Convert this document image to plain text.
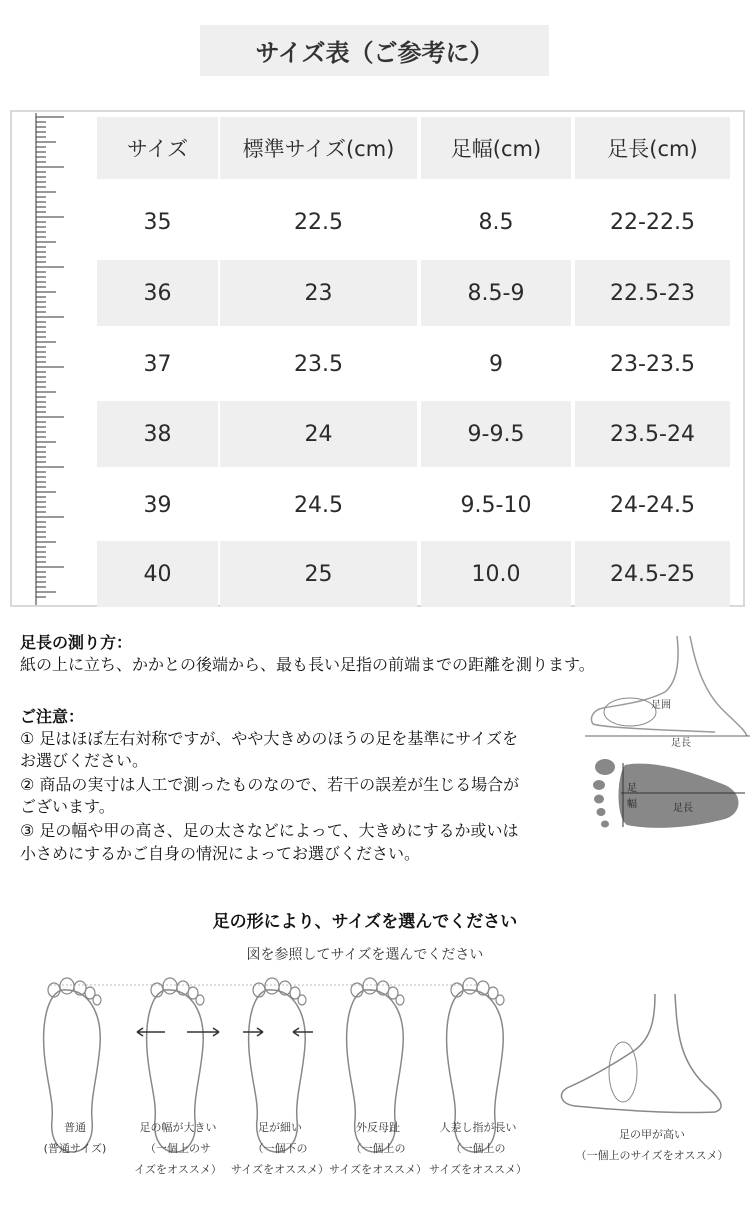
サイズ表（ご参考に）
サイズ	標準サイズ(cm)	足幅(cm)	足長(cm)
35	22.5	8.5	22-22.5
36	23	8.5-9	22.5-23
37	23.5	9	23-23.5
38	24	9-9.5	23.5-24
39	24.5	9.5-10	24-24.5
40	25	10.0	24.5-25
足長の測り方：
紙の上に立ち、かかとの後端から、最も長い足指の前端までの距離を測ります。
ご注意：
① 足はほぼ左右対称ですが、やや大きめのほうの足を基準にサイズを
お選びください。
② 商品の実寸は人工で測ったものなので、若干の誤差が生じる場合が
ございます。
③ 足の幅や甲の高さ、足の太さなどによって、大きめにするか或いは
小さめにするかご自身の情況によってお選びください。
足囲
足長
足
幅	足長
足の形により、サイズを選んでください
図を参照してサイズを選んでください
普通
(普通サイズ)
足の幅が大きい
（一個上のサ
イズをオススメ）
足が細い
（一個下の
サイズをオススメ）
外反母趾
（一個上の
サイズをオススメ）
人差し指が長い
（一個上の
サイズをオススメ）
足の甲が高い
（一個上のサイズをオススメ）
